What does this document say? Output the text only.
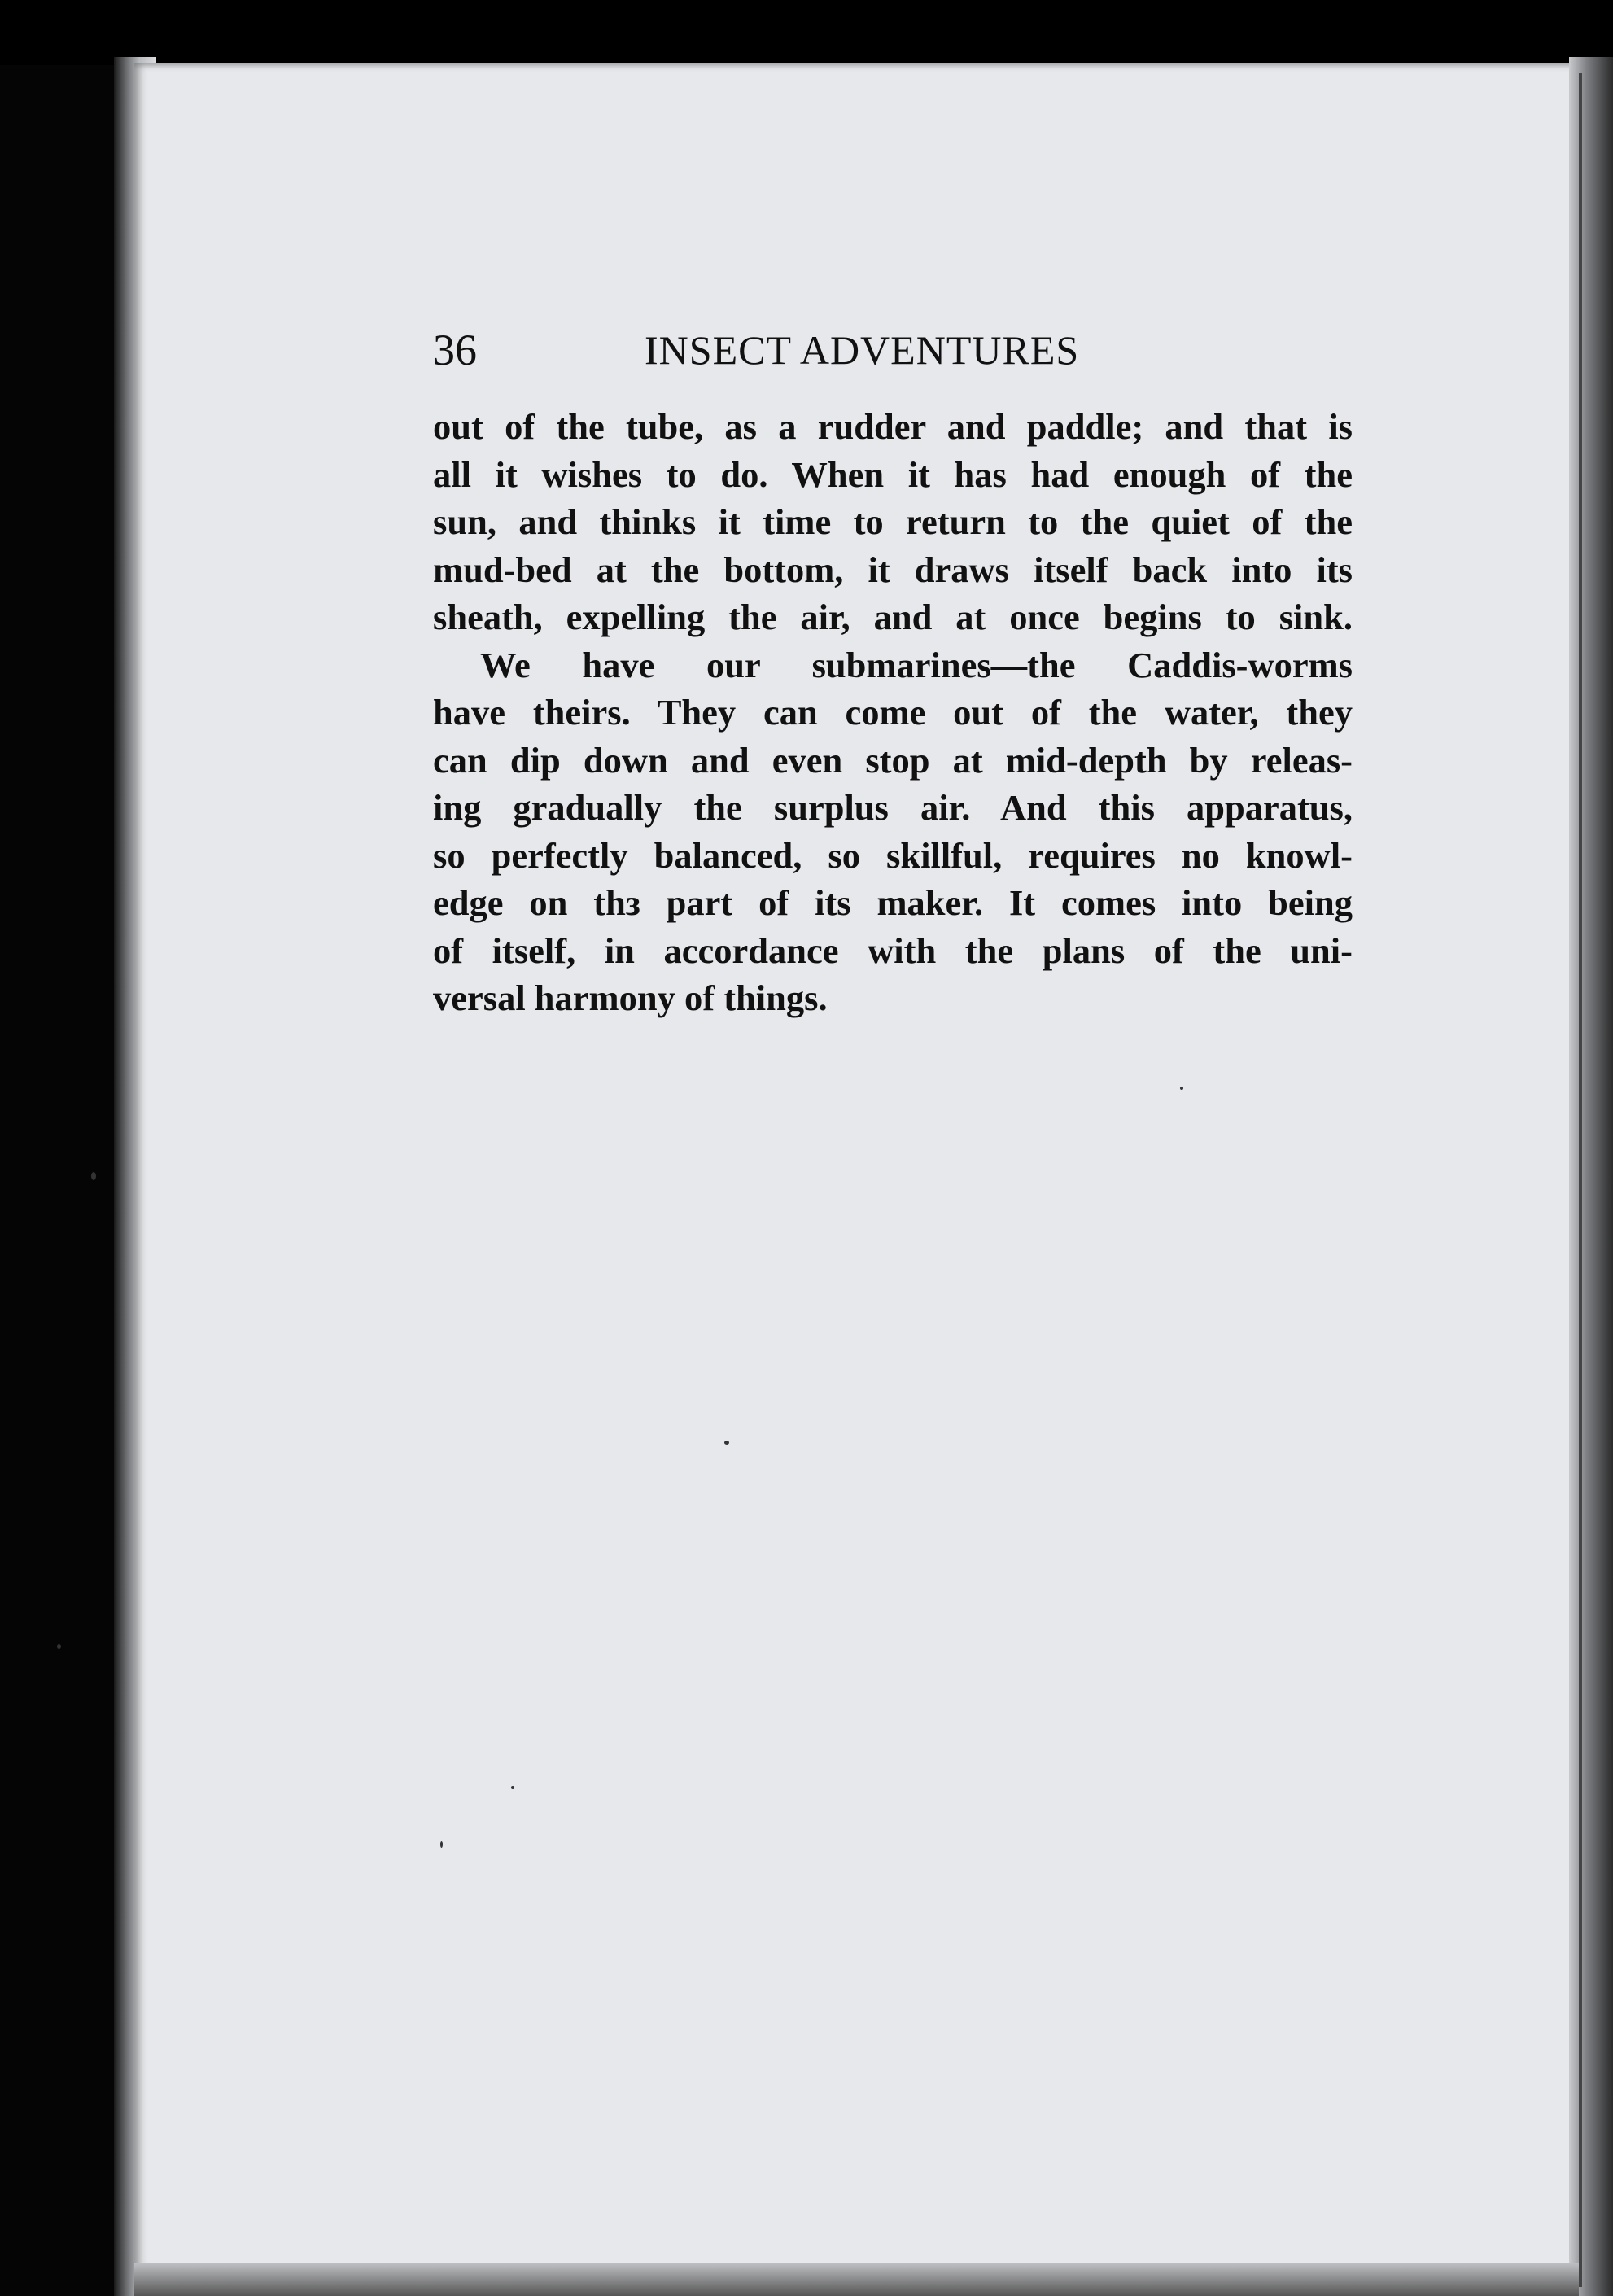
36	INSECT ADVENTURES
out of the tube, as a rudder and paddle; and that is
all it wishes to do. When it has had enough of the
sun, and thinks it time to return to the quiet of the
mud-bed at the bottom, it draws itself back into its
sheath, expelling the air, and at once begins to sink.
We have our submarines—the Caddis-worms
have theirs. They can come out of the water, they
can dip down and even stop at mid-depth by releas-
ing gradually the surplus air. And this apparatus,
so perfectly balanced, so skillful, requires no knowl-
edge on thз part of its maker. It comes into being
of itself, in accordance with the plans of the uni-
versal harmony of things.
